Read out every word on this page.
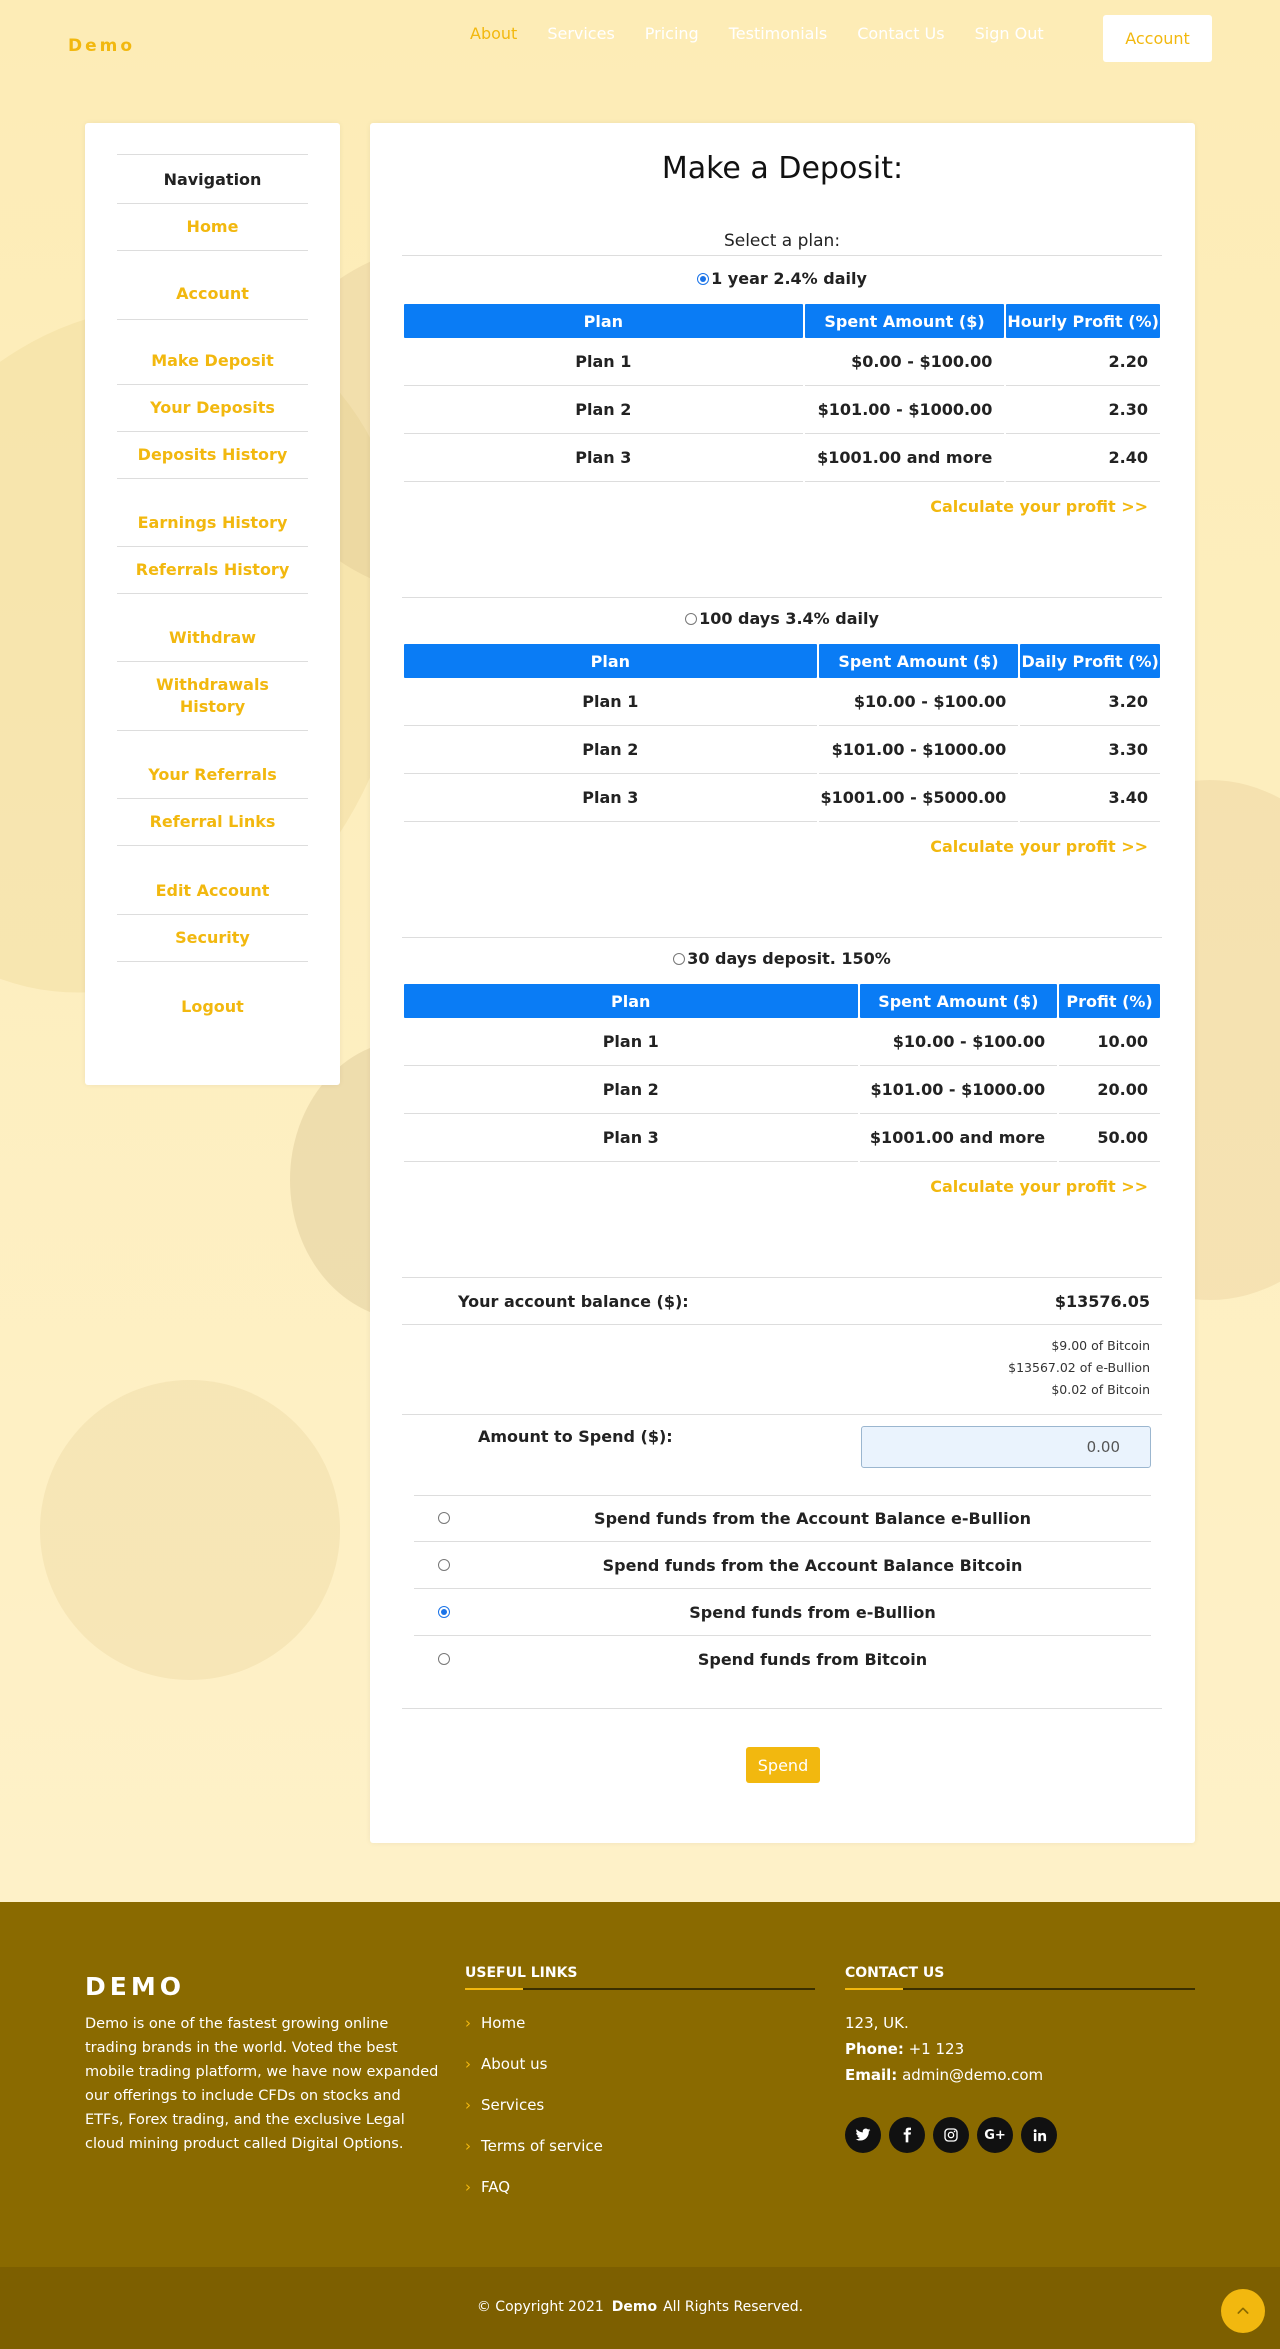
Demo
About Services Pricing Testimonials Contact Us Sign Out	Account
Navigation
Home
Account
Make Deposit
Your Deposits
Deposits History
Earnings History
Referrals History
Withdraw
Withdrawals History
Your Referrals
Referral Links
Edit Account
Security
Logout
Make a Deposit:
Select a plan:
1 year 2.4% daily
Plan	Spent Amount ($)	Hourly Profit (%)
Plan 1	$0.00 - $100.00	2.20
Plan 2	$101.00 - $1000.00	2.30
Plan 3	$1001.00 and more	2.40
Calculate your profit >>
100 days 3.4% daily
Plan	Spent Amount ($)	Daily Profit (%)
Plan 1	$10.00 - $100.00	3.20
Plan 2	$101.00 - $1000.00	3.30
Plan 3	$1001.00 - $5000.00	3.40
Calculate your profit >>
30 days deposit. 150%
Plan	Spent Amount ($)	Profit (%)
Plan 1	$10.00 - $100.00	10.00
Plan 2	$101.00 - $1000.00	20.00
Plan 3	$1001.00 and more	50.00
Calculate your profit >>
Your account balance ($):	$13576.05
$9.00 of Bitcoin
$13567.02 of e-Bullion
$0.02 of Bitcoin
Amount to Spend ($):
0.00
Spend funds from the Account Balance e-Bullion
Spend funds from the Account Balance Bitcoin
Spend funds from e-Bullion
Spend funds from Bitcoin
Spend
DEMO
Demo is one of the fastest growing online trading brands in the world. Voted the best mobile trading platform, we have now expanded our offerings to include CFDs on stocks and ETFs, Forex trading, and the exclusive Legal cloud mining product called Digital Options.
USEFUL LINKS
› Home
› About us
› Services
› Terms of service
› FAQ
CONTACT US
123, UK.
Phone: +1 123
Email: admin@demo.com
G+
© Copyright 2021 Demo All Rights Reserved.
